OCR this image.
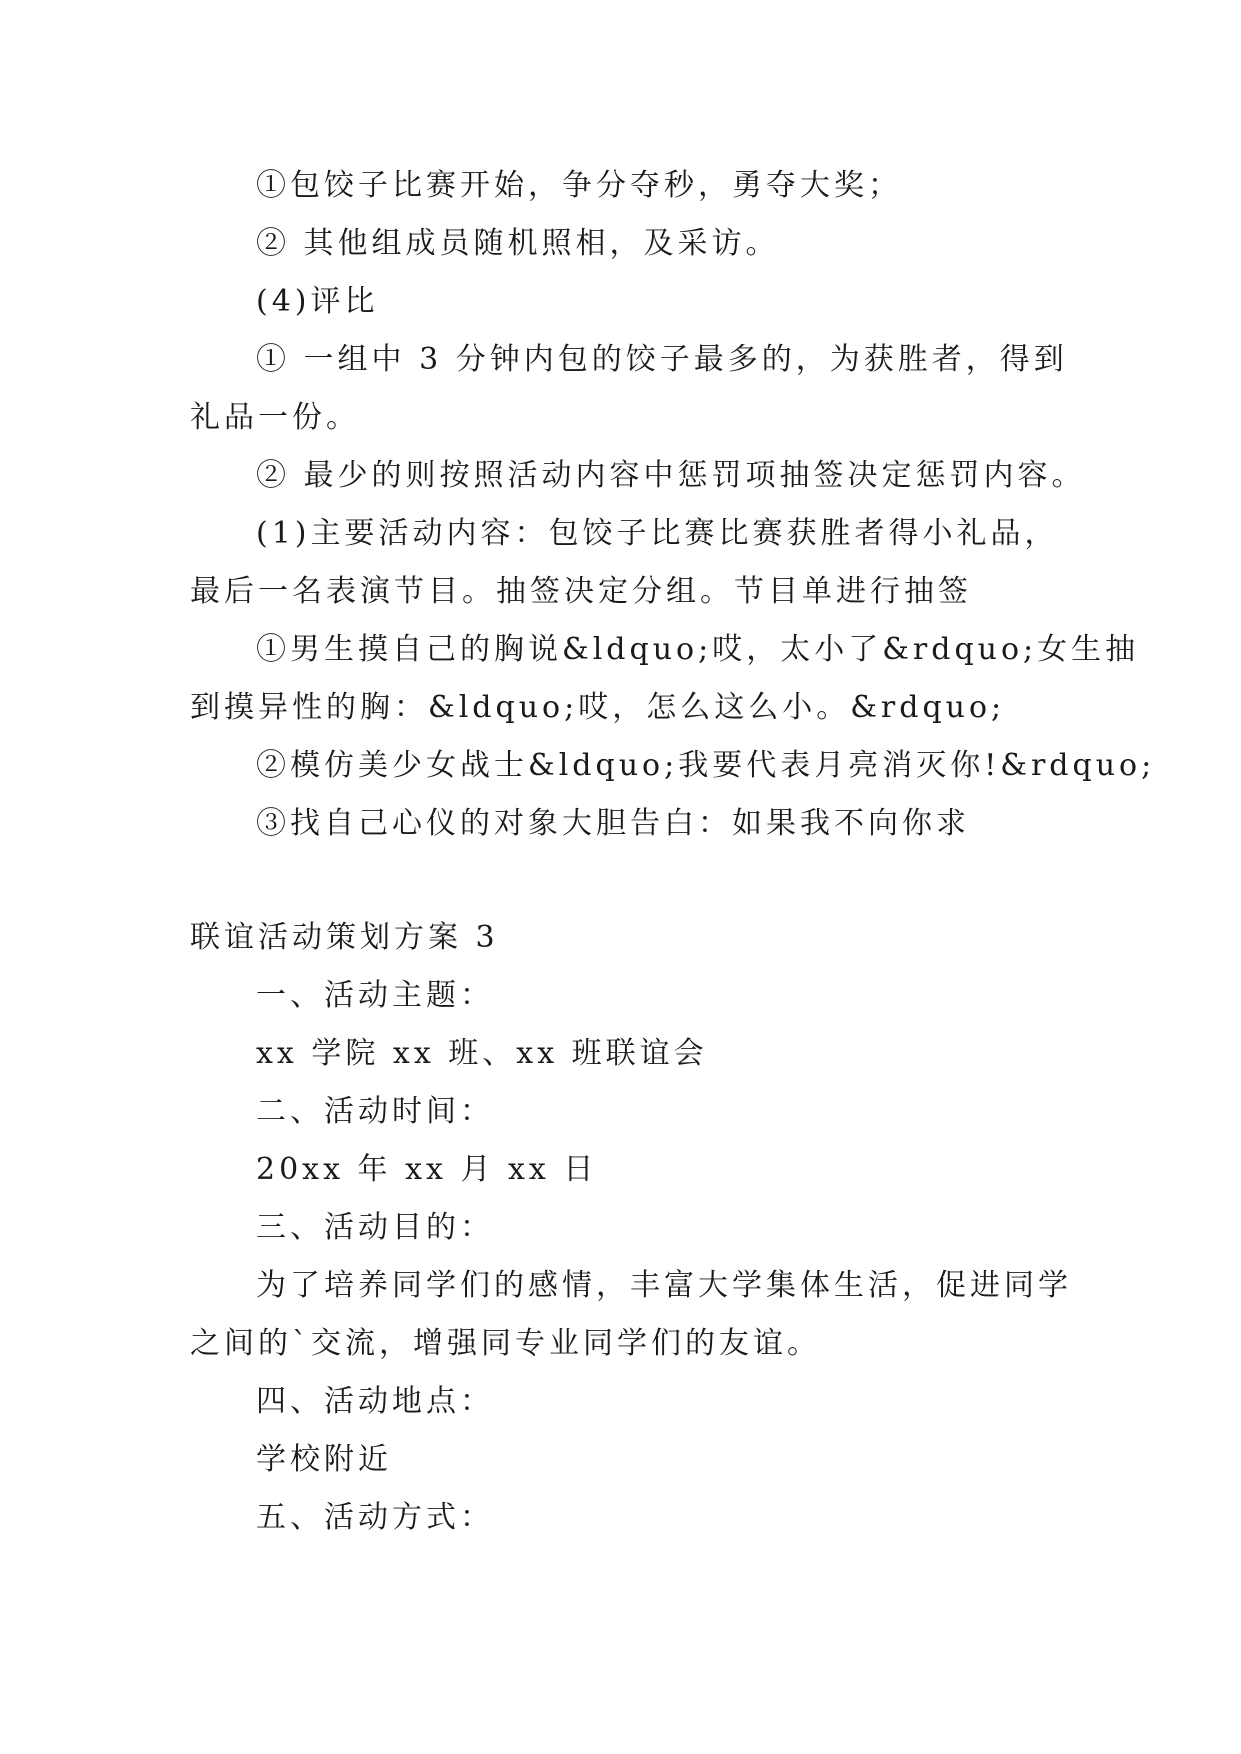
①包饺子比赛开始，争分夺秒，勇夺大奖；
② 其他组成员随机照相，及采访。
(4)评比
① 一组中 3 分钟内包的饺子最多的，为获胜者，得到
礼品一份。
② 最少的则按照活动内容中惩罚项抽签决定惩罚内容。
(1)主要活动内容：包饺子比赛比赛获胜者得小礼品，
最后一名表演节目。抽签决定分组。节目单进行抽签
①男生摸自己的胸说&ldquo;哎，太小了&rdquo;女生抽
到摸异性的胸：&ldquo;哎，怎么这么小。&rdquo;
②模仿美少女战士&ldquo;我要代表月亮消灭你!&rdquo;
③找自己心仪的对象大胆告白：如果我不向你求
联谊活动策划方案 3
一、活动主题：
xx 学院 xx 班、xx 班联谊会
二、活动时间：
20xx 年 xx 月 xx 日
三、活动目的：
为了培养同学们的感情，丰富大学集体生活，促进同学
之间的`交流，增强同专业同学们的友谊。
四、活动地点：
学校附近
五、活动方式：
